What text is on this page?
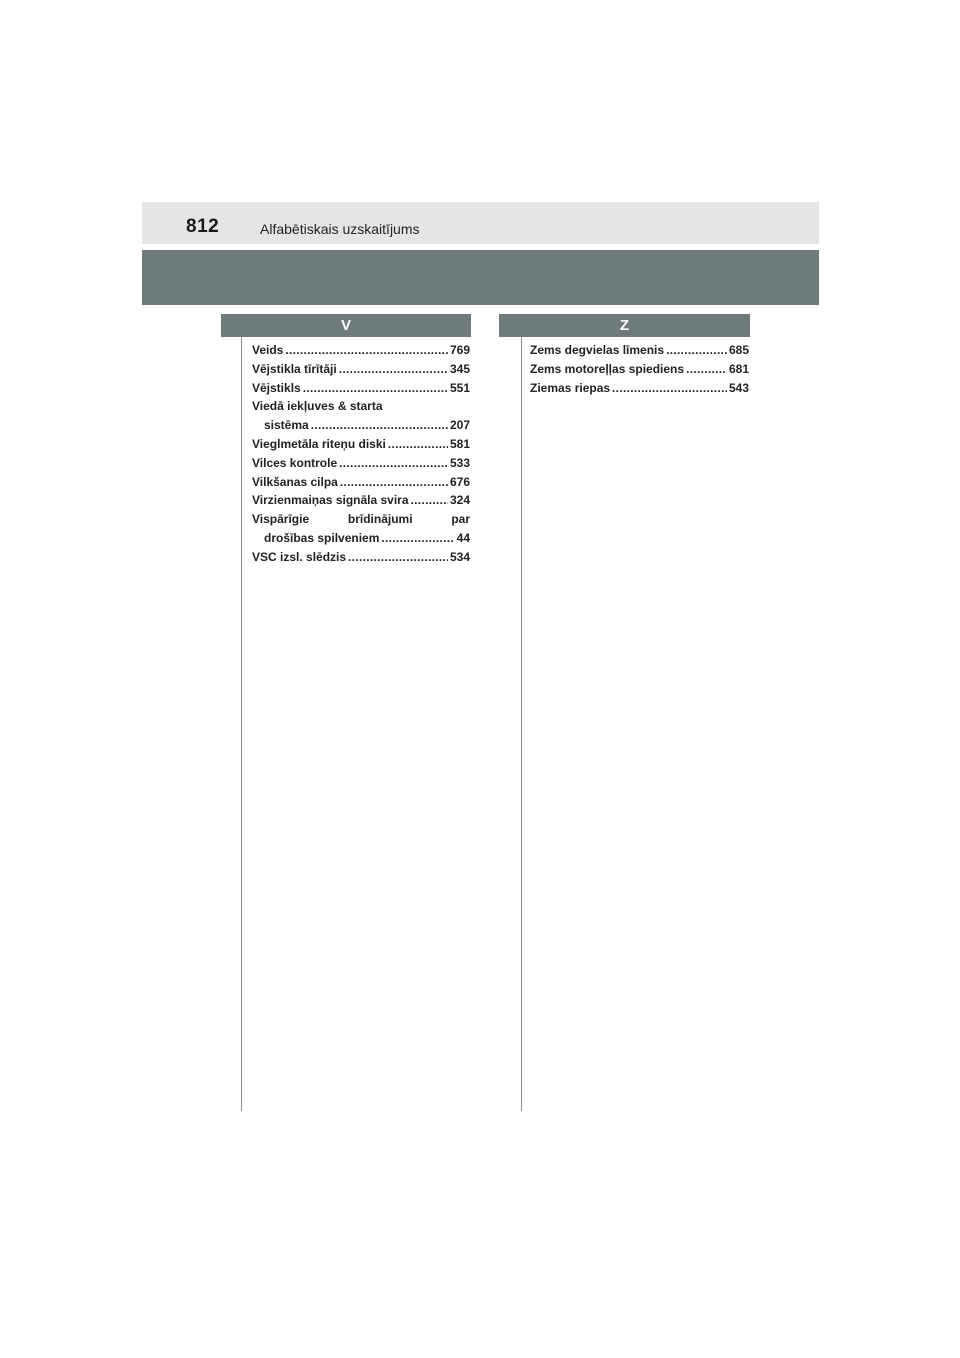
812	Alfabētiskais uzskaitījums
V	Z
Veids .....	769
Vējstikla tīrītāji .....	345
Vējstikls .....	551
Viedā iekļuves & starta
sistēma .....	207
Vieglmetāla riteņu diski .....	581
Vilces kontrole .....	533
Vilkšanas cilpa .....	676
Virzienmaiņas signāla svira .....	324
Vispārīgie	brīdinājumi	par
drošības spilveniem .....	44
VSC izsl. slēdzis .....	534
Zems degvielas līmenis .....	685
Zems motoreļļas spiediens .....	681
Ziemas riepas .....	543
